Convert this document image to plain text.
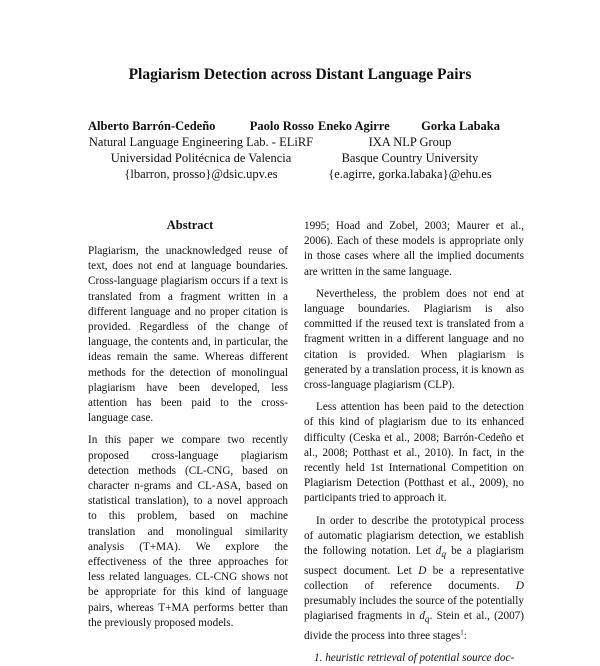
Plagiarism Detection across Distant Language Pairs
Alberto Barrón-Cedeño	Paolo Rosso
Natural Language Engineering Lab. - ELiRF
Universidad Politécnica de Valencia
{lbarron, prosso}@dsic.upv.es
Eneko Agirre	Gorka Labaka
IXA NLP Group
Basque Country University
{e.agirre, gorka.labaka}@ehu.es
Abstract

Plagiarism, the unacknowledged reuse of text, does not end at language boundaries. Cross-language plagiarism occurs if a text is translated from a fragment written in a different language and no proper citation is provided. Regardless of the change of language, the contents and, in particular, the ideas remain the same. Whereas different methods for the detection of monolingual plagiarism have been developed, less attention has been paid to the cross-language case.

In this paper we compare two recently proposed cross-language plagiarism detection methods (CL-CNG, based on character n-grams and CL-ASA, based on statistical translation), to a novel approach to this problem, based on machine translation and monolingual similarity analysis (T+MA). We explore the effectiveness of the three approaches for less related languages. CL-CNG shows not be appropriate for this kind of language pairs, whereas T+MA performs better than the previously proposed models.

1995; Hoad and Zobel, 2003; Maurer et al., 2006). Each of these models is appropriate only in those cases where all the implied documents are written in the same language.

Nevertheless, the problem does not end at language boundaries. Plagiarism is also committed if the reused text is translated from a fragment written in a different language and no citation is provided. When plagiarism is generated by a translation process, it is known as cross-language plagiarism (CLP).

Less attention has been paid to the detection of this kind of plagiarism due to its enhanced difficulty (Ceska et al., 2008; Barrón-Cedeño et al., 2008; Potthast et al., 2010). In fact, in the recently held 1st International Competition on Plagiarism Detection (Potthast et al., 2009), no participants tried to approach it.

In order to describe the prototypical process of automatic plagiarism detection, we establish the following notation. Let $d_q$ be a plagiarism suspect document. Let D be a representative collection of reference documents. D presumably includes the source of the potentially plagiarised fragments in $d_q$. Stein et al., (2007) divide the process into three stages$^1$:

1. heuristic retrieval of potential source doc-
